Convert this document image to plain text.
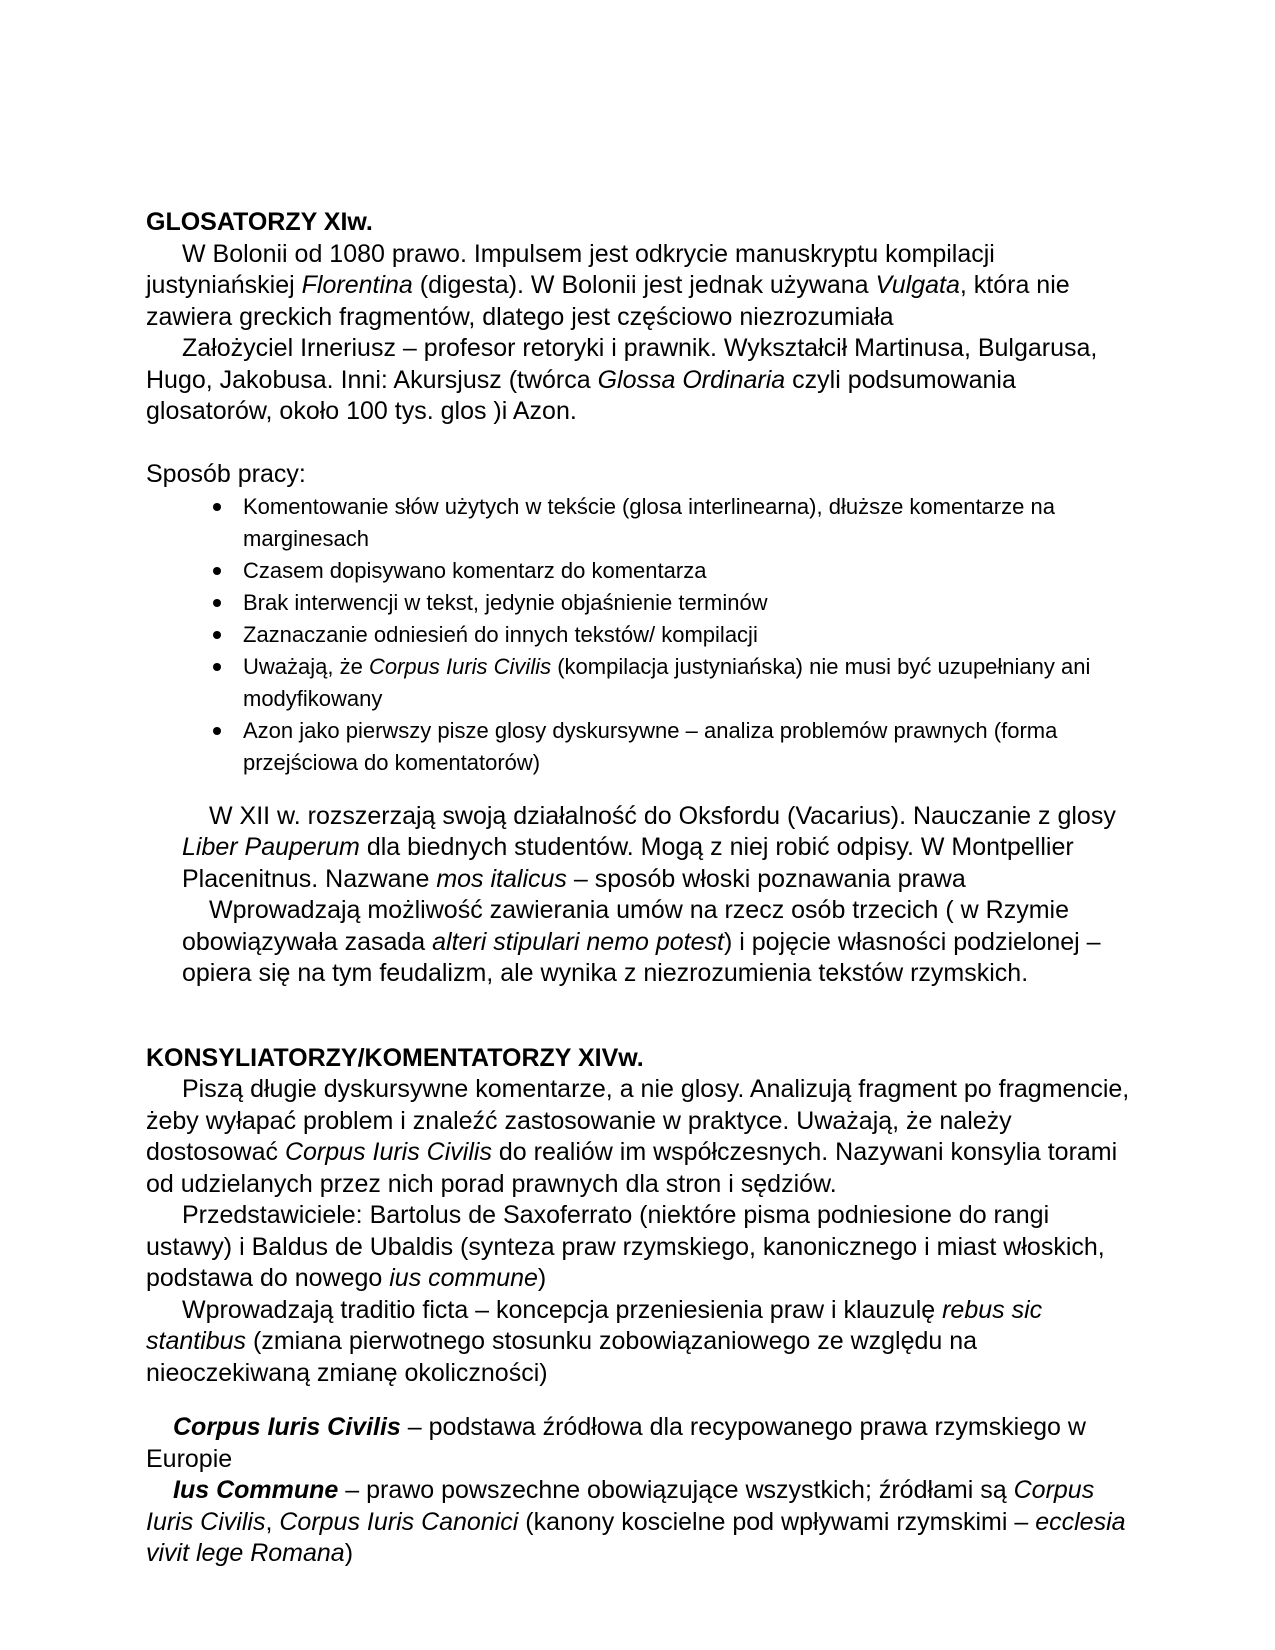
GLOSATORZY XIw.

W Bolonii od 1080 prawo. Impulsem jest odkrycie manuskryptu kompilacji justyniańskiej Florentina (digesta). W Bolonii jest jednak używana Vulgata, która nie zawiera greckich fragmentów, dlatego jest częściowo niezrozumiała

Założyciel Irneriusz – profesor retoryki i prawnik. Wykształcił Martinusa, Bulgarusa, Hugo, Jakobusa. Inni: Akursjusz (twórca Glossa Ordinaria czyli podsumowania glosatorów, około 100 tys. glos )i Azon.

Sposób pracy:

Komentowanie słów użytych w tekście (glosa interlinearna), dłuższe komentarze na marginesach
Czasem dopisywano komentarz do komentarza
Brak interwencji w tekst, jedynie objaśnienie terminów
Zaznaczanie odniesień do innych tekstów/ kompilacji
Uważają, że Corpus Iuris Civilis (kompilacja justyniańska) nie musi być uzupełniany ani modyfikowany
Azon jako pierwszy pisze glosy dyskursywne – analiza problemów prawnych (forma przejściowa do komentatorów)

W XII w. rozszerzają swoją działalność do Oksfordu (Vacarius). Nauczanie z glosy Liber Pauperum dla biednych studentów. Mogą z niej robić odpisy. W Montpellier Placenitnus. Nazwane mos italicus – sposób włoski poznawania prawa

Wprowadzają możliwość zawierania umów na rzecz osób trzecich ( w Rzymie obowiązywała zasada alteri stipulari nemo potest) i pojęcie własności podzielonej – opiera się na tym feudalizm, ale wynika z niezrozumienia tekstów rzymskich.

KONSYLIATORZY/KOMENTATORZY XIVw.

Piszą długie dyskursywne komentarze, a nie glosy. Analizują fragment po fragmencie, żeby wyłapać problem i znaleźć zastosowanie w praktyce. Uważają, że należy dostosować Corpus Iuris Civilis do realiów im współczesnych. Nazywani konsylia torami od udzielanych przez nich porad prawnych dla stron i sędziów.

Przedstawiciele: Bartolus de Saxoferrato (niektóre pisma podniesione do rangi ustawy) i Baldus de Ubaldis (synteza praw rzymskiego, kanonicznego i miast włoskich, podstawa do nowego ius commune)

Wprowadzają traditio ficta – koncepcja przeniesienia praw i klauzulę rebus sic stantibus (zmiana pierwotnego stosunku zobowiązaniowego ze względu na nieoczekiwaną zmianę okoliczności)

Corpus Iuris Civilis – podstawa źródłowa dla recypowanego prawa rzymskiego w Europie

Ius Commune – prawo powszechne obowiązujące wszystkich; źródłami są Corpus Iuris Civilis, Corpus Iuris Canonici (kanony koscielne pod wpływami rzymskimi – ecclesia vivit lege Romana)
